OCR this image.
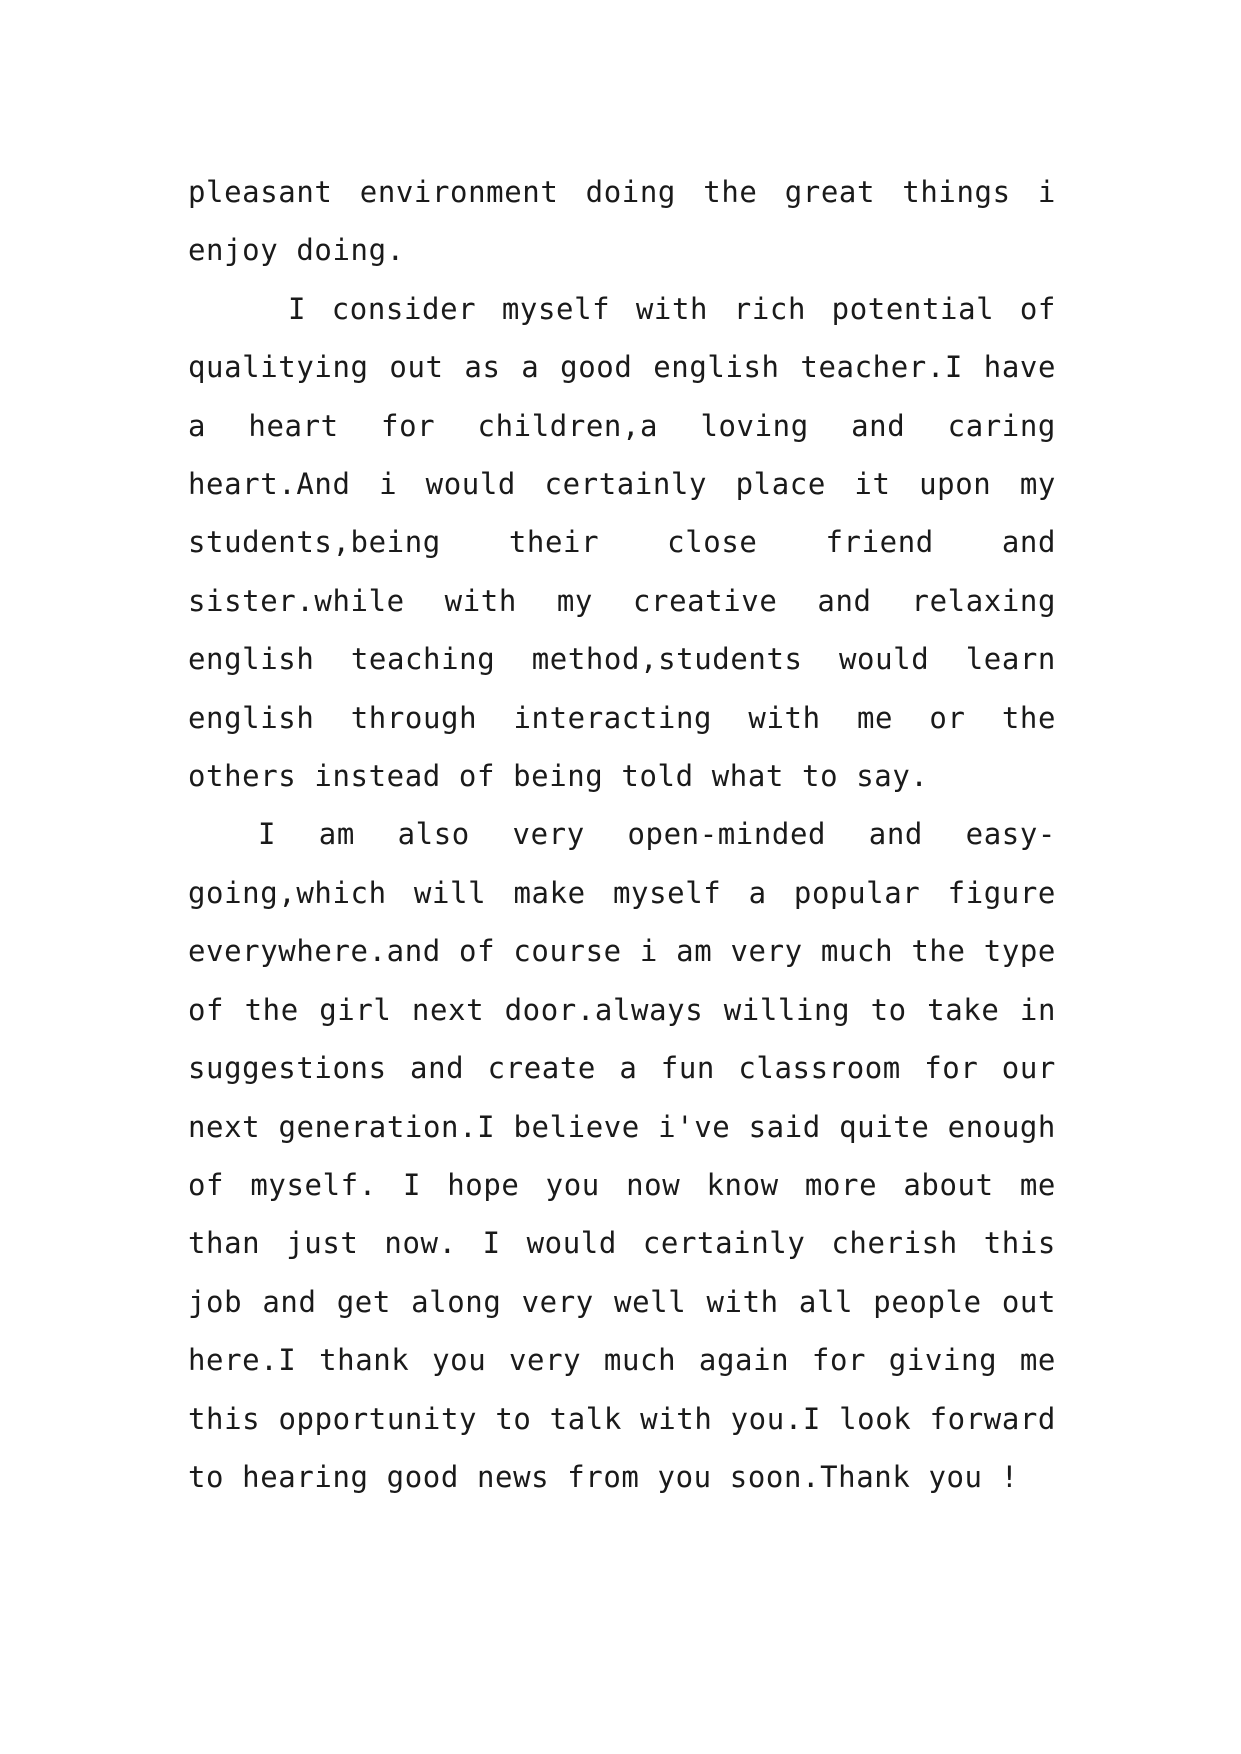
pleasant environment doing the great things i enjoy doing.

I consider myself with rich potential of qualitying out as a good english teacher.I have a heart for children,a loving and caring heart.And i would certainly place it upon my students,being their close friend and sister.while with my creative and relaxing english teaching method,students would learn english through interacting with me or the others instead of being told what to say.

I am also very open-minded and easy-going,which will make myself a popular figure everywhere.and of course i am very much the type of the girl next door.always willing to take in suggestions and create a fun classroom for our next generation.I believe i've said quite enough of myself. I hope you now know more about me than just now. I would certainly cherish this job and get along very well with all people out here.I thank you very much again for giving me this opportunity to talk with you.I look forward to hearing good news from you soon.Thank you !
